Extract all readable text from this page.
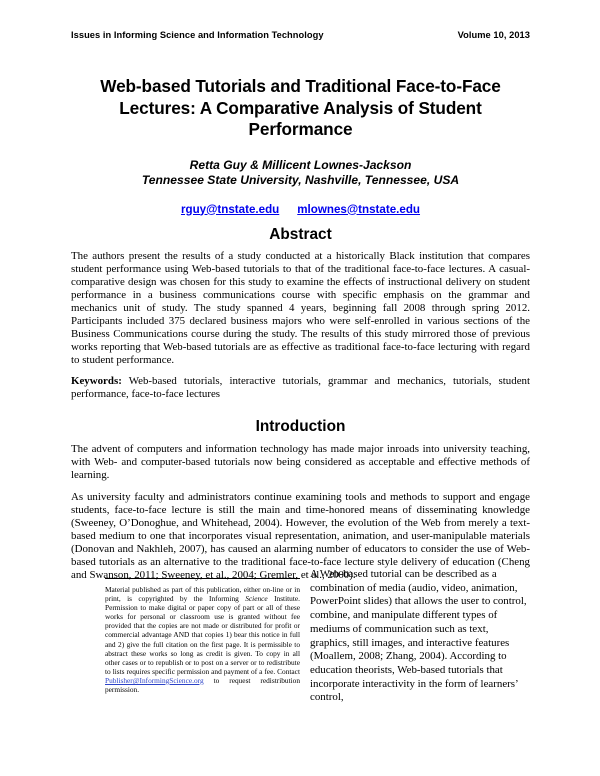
Issues in Informing Science and Information Technology	Volume 10, 2013
Web-based Tutorials and Traditional Face-to-Face Lectures: A Comparative Analysis of Student Performance
Retta Guy & Millicent Lownes-Jackson
Tennessee State University, Nashville, Tennessee, USA
rguy@tnstate.edu mlownes@tnstate.edu
Abstract

The authors present the results of a study conducted at a historically Black institution that compares student performance using Web-based tutorials to that of the traditional face-to-face lectures. A casual-comparative design was chosen for this study to examine the effects of instructional delivery on student performance in a business communications course with specific emphasis on the grammar and mechanics unit of study. The study spanned 4 years, beginning fall 2008 through spring 2012. Participants included 375 declared business majors who were self-enrolled in various sections of the Business Communications course during the study. The results of this study mirrored those of previous works reporting that Web-based tutorials are as effective as traditional face-to-face lecturing with regard to student performance.

Keywords: Web-based tutorials, interactive tutorials, grammar and mechanics, tutorials, student performance, face-to-face lectures

Introduction

The advent of computers and information technology has made major inroads into university teaching, with Web- and computer-based tutorials now being considered as acceptable and effective methods of learning.

As university faculty and administrators continue examining tools and methods to support and engage students, face-to-face lecture is still the main and time-honored means of disseminating knowledge (Sweeney, O’Donoghue, and Whitehead, 2004). However, the evolution of the Web from merely a text-based medium to one that incorporates visual representation, animation, and user-manipulable materials (Donovan and Nakhleh, 2007), has caused an alarming number of educators to consider the use of Web-based tutorials as an alternative to the traditional face-to-face lecture style delivery of education (Cheng and Swanson, 2011; Sweeney, et al., 2004; Gremler, et al., 2000).

Material published as part of this publication, either on-line or in print, is copyrighted by the Informing Science Institute. Permission to make digital or paper copy of part or all of these works for personal or classroom use is granted without fee provided that the copies are not made or distributed for profit or commercial advantage AND that copies 1) bear this notice in full and 2) give the full citation on the first page. It is permissible to abstract these works so long as credit is given. To copy in all other cases or to republish or to post on a server or to redistribute to lists requires specific permission and payment of a fee. Contact Publisher@InformingScience.org to request redistribution permission.

A Web-based tutorial can be described as a combination of media (audio, video, animation, PowerPoint slides) that allows the user to control, combine, and manipulate different types of mediums of communication such as text, graphics, still images, and interactive features (Moallem, 2008; Zhang, 2004). According to education theorists, Web-based tutorials that incorporate interactivity in the form of learners’ control,
